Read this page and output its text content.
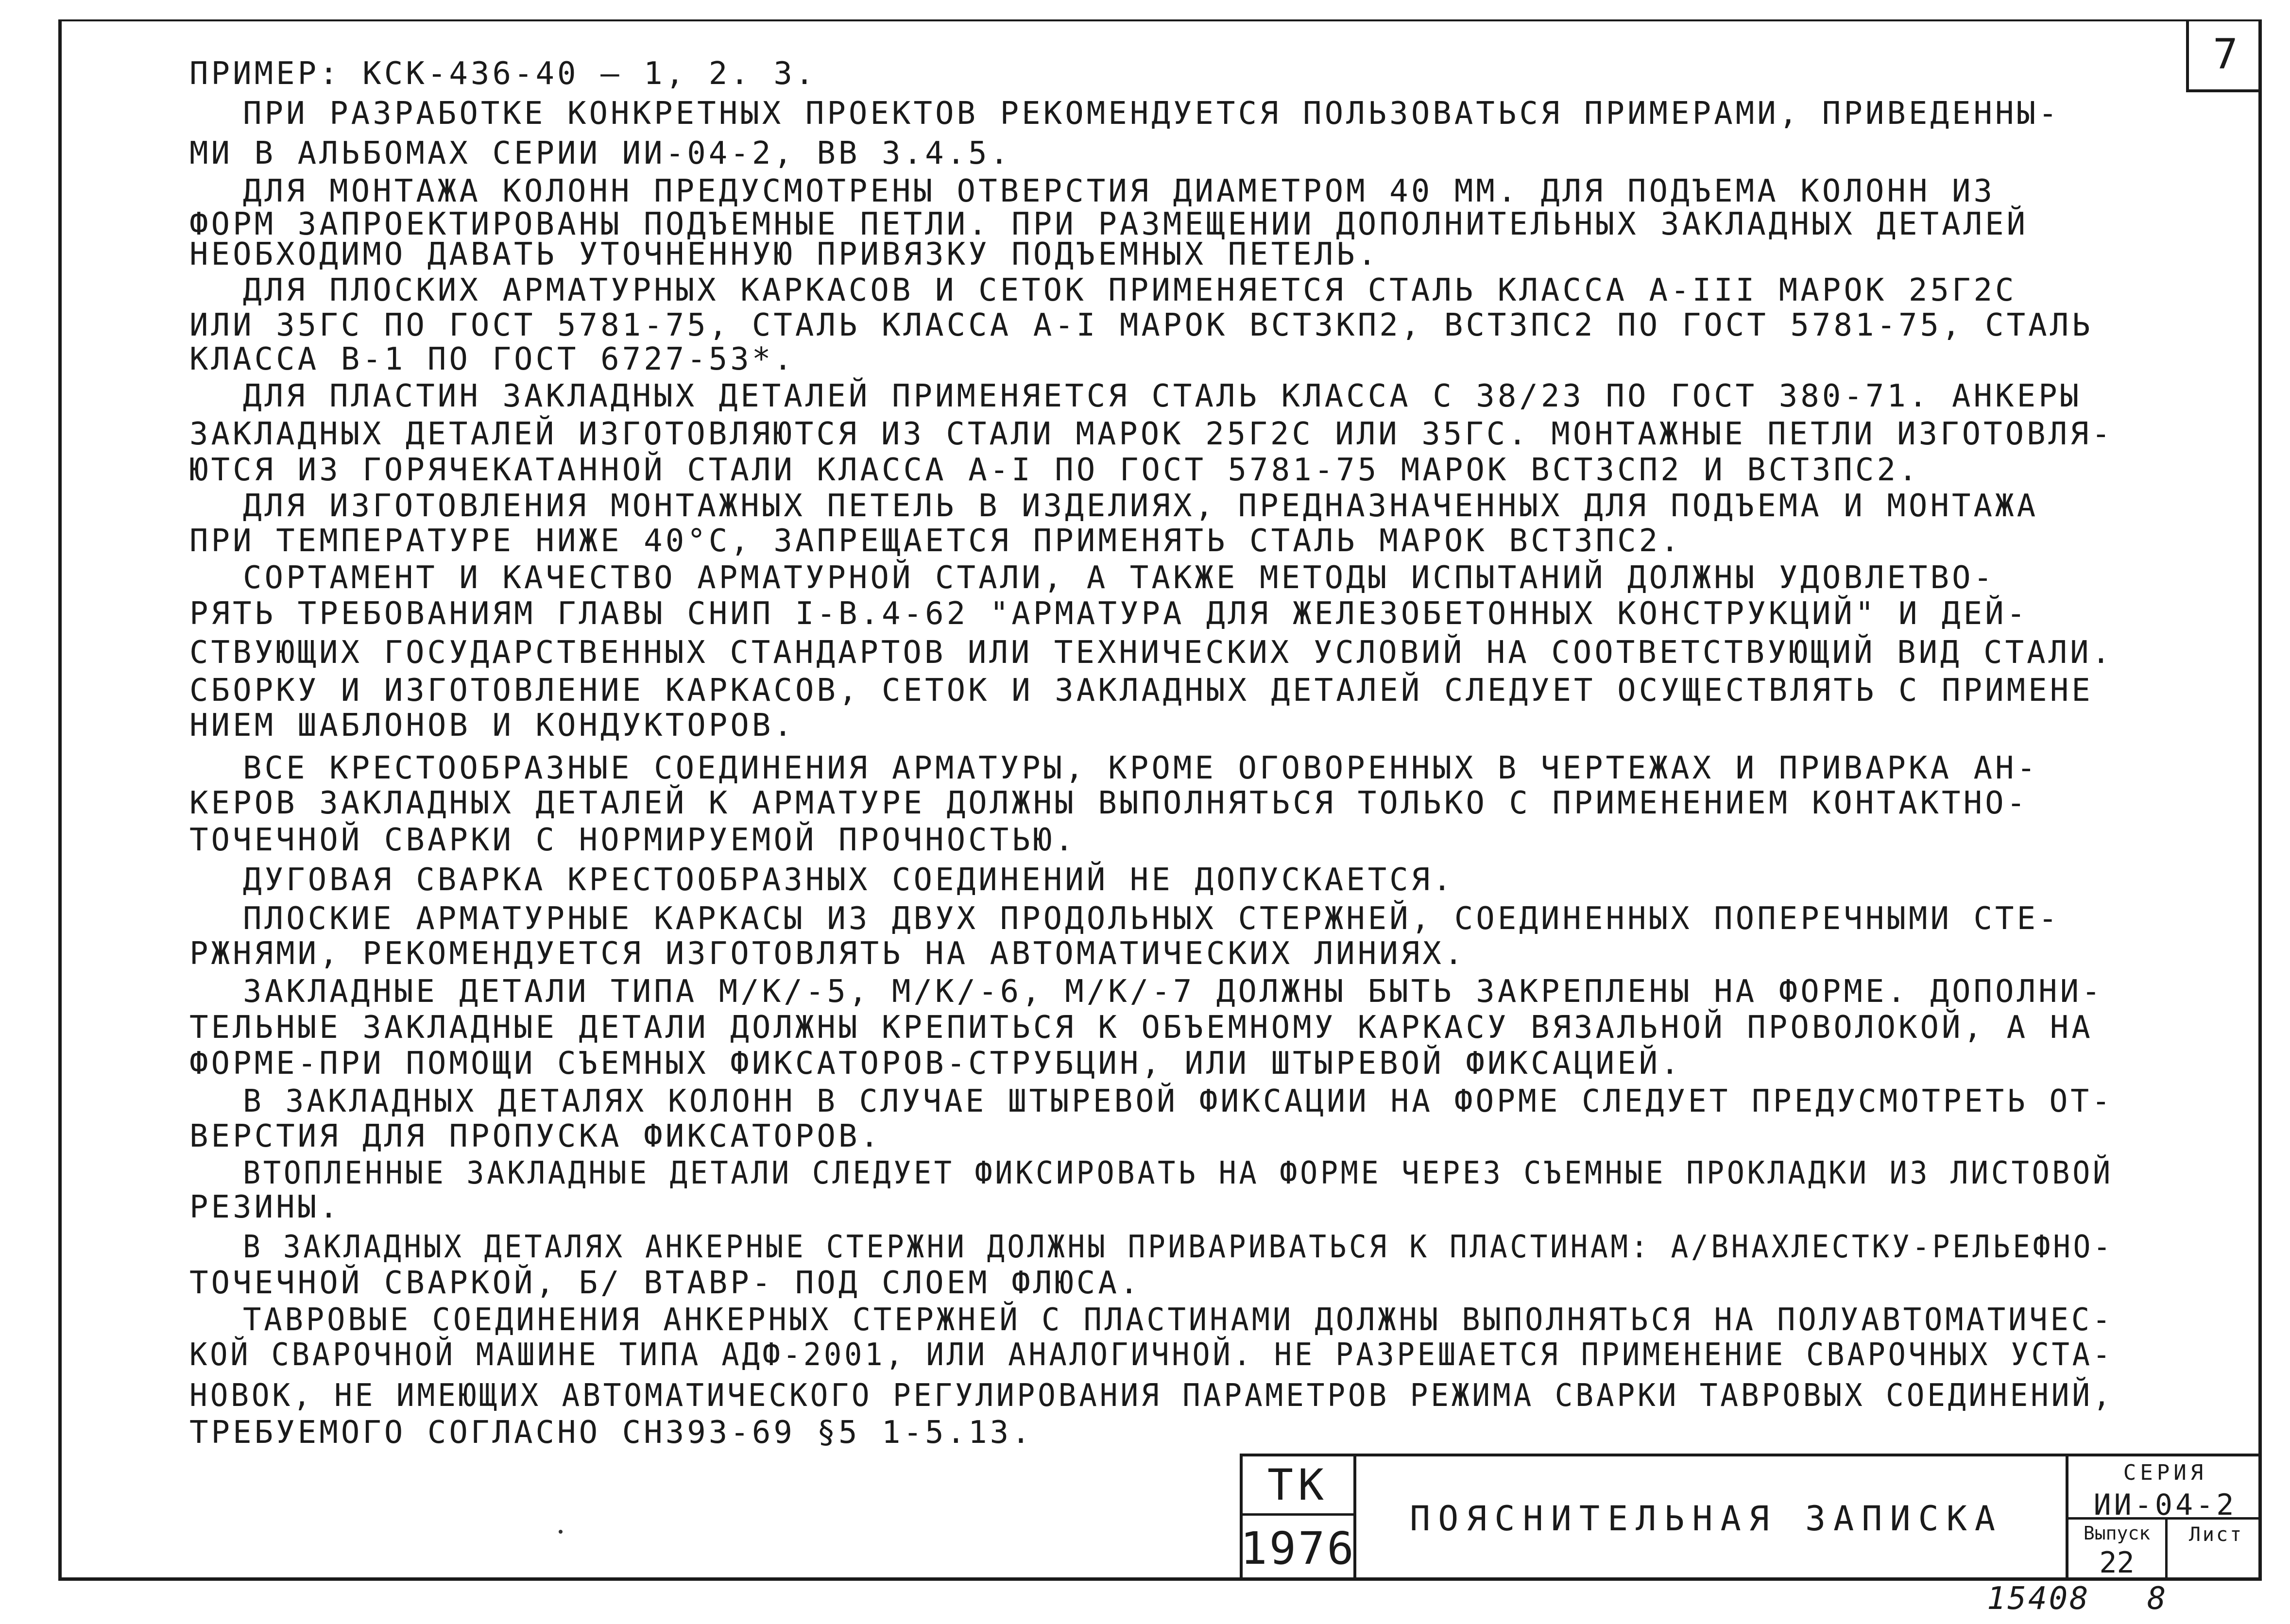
7
ПРИМЕР: КСК-436-40 — 1, 2. 3.
ПРИ РАЗРАБОТКЕ КОНКРЕТНЫХ ПРОЕКТОВ РЕКОМЕНДУЕТСЯ ПОЛЬЗОВАТЬСЯ ПРИМЕРАМИ, ПРИВЕДЕННЫ-
МИ В АЛЬБОМАХ СЕРИИ ИИ-04-2, ВВ 3.4.5.
ДЛЯ МОНТАЖА КОЛОНН ПРЕДУСМОТРЕНЫ ОТВЕРСТИЯ ДИАМЕТРОМ 40 ММ. ДЛЯ ПОДЪЕМА КОЛОНН ИЗ
ФОРМ ЗАПРОЕКТИРОВАНЫ ПОДЪЕМНЫЕ ПЕТЛИ. ПРИ РАЗМЕЩЕНИИ ДОПОЛНИТЕЛЬНЫХ ЗАКЛАДНЫХ ДЕТАЛЕЙ
НЕОБХОДИМО ДАВАТЬ УТОЧНЕННУЮ ПРИВЯЗКУ ПОДЪЕМНЫХ ПЕТЕЛЬ.
ДЛЯ ПЛОСКИХ АРМАТУРНЫХ КАРКАСОВ И СЕТОК ПРИМЕНЯЕТСЯ СТАЛЬ КЛАССА А-III МАРОК 25Г2С
ИЛИ 35ГС ПО ГОСТ 5781-75, СТАЛЬ КЛАССА А-I МАРОК ВСТ3КП2, ВСТ3ПС2 ПО ГОСТ 5781-75, СТАЛЬ
КЛАССА В-1 ПО ГОСТ 6727-53*.
ДЛЯ ПЛАСТИН ЗАКЛАДНЫХ ДЕТАЛЕЙ ПРИМЕНЯЕТСЯ СТАЛЬ КЛАССА С 38/23 ПО ГОСТ 380-71. АНКЕРЫ
ЗАКЛАДНЫХ ДЕТАЛЕЙ ИЗГОТОВЛЯЮТСЯ ИЗ СТАЛИ МАРОК 25Г2С ИЛИ 35ГС. МОНТАЖНЫЕ ПЕТЛИ ИЗГОТОВЛЯ-
ЮТСЯ ИЗ ГОРЯЧЕКАТАННОЙ СТАЛИ КЛАССА А-I ПО ГОСТ 5781-75 МАРОК ВСТ3СП2 И ВСТ3ПС2.
ДЛЯ ИЗГОТОВЛЕНИЯ МОНТАЖНЫХ ПЕТЕЛЬ В ИЗДЕЛИЯХ, ПРЕДНАЗНАЧЕННЫХ ДЛЯ ПОДЪЕМА И МОНТАЖА
ПРИ ТЕМПЕРАТУРЕ НИЖЕ 40°С, ЗАПРЕЩАЕТСЯ ПРИМЕНЯТЬ СТАЛЬ МАРОК ВСТ3ПС2.
СОРТАМЕНТ И КАЧЕСТВО АРМАТУРНОЙ СТАЛИ, А ТАКЖЕ МЕТОДЫ ИСПЫТАНИЙ ДОЛЖНЫ УДОВЛЕТВО-
РЯТЬ ТРЕБОВАНИЯМ ГЛАВЫ СНИП I-В.4-62 "АРМАТУРА ДЛЯ ЖЕЛЕЗОБЕТОННЫХ КОНСТРУКЦИЙ" И ДЕЙ-
СТВУЮЩИХ ГОСУДАРСТВЕННЫХ СТАНДАРТОВ ИЛИ ТЕХНИЧЕСКИХ УСЛОВИЙ НА СООТВЕТСТВУЮЩИЙ ВИД СТАЛИ.
СБОРКУ И ИЗГОТОВЛЕНИЕ КАРКАСОВ, СЕТОК И ЗАКЛАДНЫХ ДЕТАЛЕЙ СЛЕДУЕТ ОСУЩЕСТВЛЯТЬ С ПРИМЕНЕ
НИЕМ ШАБЛОНОВ И КОНДУКТОРОВ.
ВСЕ КРЕСТООБРАЗНЫЕ СОЕДИНЕНИЯ АРМАТУРЫ, КРОМЕ ОГОВОРЕННЫХ В ЧЕРТЕЖАХ И ПРИВАРКА АН-
КЕРОВ ЗАКЛАДНЫХ ДЕТАЛЕЙ К АРМАТУРЕ ДОЛЖНЫ ВЫПОЛНЯТЬСЯ ТОЛЬКО С ПРИМЕНЕНИЕМ КОНТАКТНО-
ТОЧЕЧНОЙ СВАРКИ С НОРМИРУЕМОЙ ПРОЧНОСТЬЮ.
ДУГОВАЯ СВАРКА КРЕСТООБРАЗНЫХ СОЕДИНЕНИЙ НЕ ДОПУСКАЕТСЯ.
ПЛОСКИЕ АРМАТУРНЫЕ КАРКАСЫ ИЗ ДВУХ ПРОДОЛЬНЫХ СТЕРЖНЕЙ, СОЕДИНЕННЫХ ПОПЕРЕЧНЫМИ СТЕ-
РЖНЯМИ, РЕКОМЕНДУЕТСЯ ИЗГОТОВЛЯТЬ НА АВТОМАТИЧЕСКИХ ЛИНИЯХ.
ЗАКЛАДНЫЕ ДЕТАЛИ ТИПА М/К/-5, М/К/-6, М/К/-7 ДОЛЖНЫ БЫТЬ ЗАКРЕПЛЕНЫ НА ФОРМЕ. ДОПОЛНИ-
ТЕЛЬНЫЕ ЗАКЛАДНЫЕ ДЕТАЛИ ДОЛЖНЫ КРЕПИТЬСЯ К ОБЪЕМНОМУ КАРКАСУ ВЯЗАЛЬНОЙ ПРОВОЛОКОЙ, А НА
ФОРМЕ-ПРИ ПОМОЩИ СЪЕМНЫХ ФИКСАТОРОВ-СТРУБЦИН, ИЛИ ШТЫРЕВОЙ ФИКСАЦИЕЙ.
В ЗАКЛАДНЫХ ДЕТАЛЯХ КОЛОНН В СЛУЧАЕ ШТЫРЕВОЙ ФИКСАЦИИ НА ФОРМЕ СЛЕДУЕТ ПРЕДУСМОТРЕТЬ ОТ-
ВЕРСТИЯ ДЛЯ ПРОПУСКА ФИКСАТОРОВ.
ВТОПЛЕННЫЕ ЗАКЛАДНЫЕ ДЕТАЛИ СЛЕДУЕТ ФИКСИРОВАТЬ НА ФОРМЕ ЧЕРЕЗ СЪЕМНЫЕ ПРОКЛАДКИ ИЗ ЛИСТОВОЙ
РЕЗИНЫ.
В ЗАКЛАДНЫХ ДЕТАЛЯХ АНКЕРНЫЕ СТЕРЖНИ ДОЛЖНЫ ПРИВАРИВАТЬСЯ К ПЛАСТИНАМ: А/ВНАХЛЕСТКУ-РЕЛЬЕФНО-
ТОЧЕЧНОЙ СВАРКОЙ, Б/ ВТАВР- ПОД СЛОЕМ ФЛЮСА.
ТАВРОВЫЕ СОЕДИНЕНИЯ АНКЕРНЫХ СТЕРЖНЕЙ С ПЛАСТИНАМИ ДОЛЖНЫ ВЫПОЛНЯТЬСЯ НА ПОЛУАВТОМАТИЧЕС-
КОЙ СВАРОЧНОЙ МАШИНЕ ТИПА АДФ-2001, ИЛИ АНАЛОГИЧНОЙ. НЕ РАЗРЕШАЕТСЯ ПРИМЕНЕНИЕ СВАРОЧНЫХ УСТА-
НОВОК, НЕ ИМЕЮЩИХ АВТОМАТИЧЕСКОГО РЕГУЛИРОВАНИЯ ПАРАМЕТРОВ РЕЖИМА СВАРКИ ТАВРОВЫХ СОЕДИНЕНИЙ,
ТРЕБУЕМОГО СОГЛАСНО СН393-69 §5 1-5.13.
ТК
1976
ПОЯСНИТЕЛЬНАЯ ЗАПИСКА
СЕРИЯ
ИИ-04-2
Выпуск
22
Лист
15408 8
